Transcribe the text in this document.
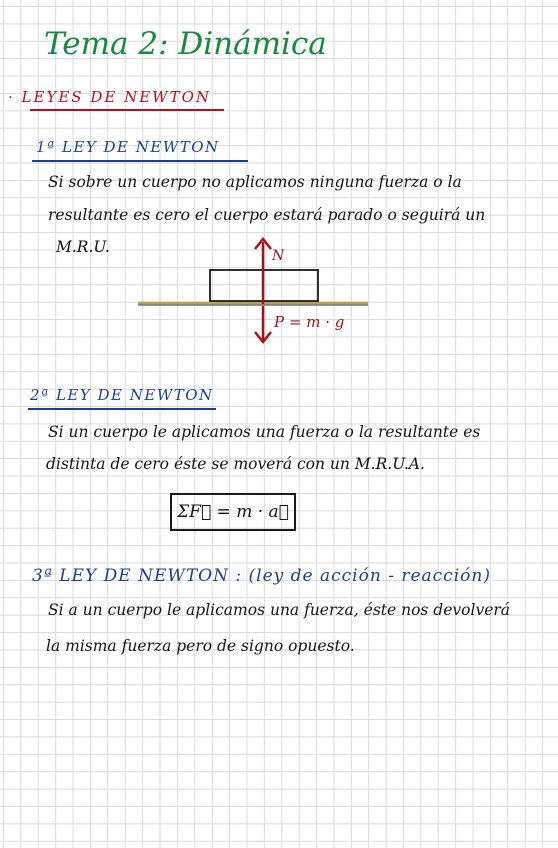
Tema 2: Dinámica
· LEYES DE NEWTON
1ª LEY DE NEWTON
Si sobre un cuerpo no aplicamos ninguna fuerza o la
resultante es cero el cuerpo estará parado o seguirá un
M.R.U.	N
P = m · g
2ª LEY DE NEWTON
Si un cuerpo le aplicamos una fuerza o la resultante es
distinta de cero éste se moverá con un M.R.U.A.
ΣF⃗ = m · a⃗
3ª LEY DE NEWTON : (ley de acción - reacción)
Si a un cuerpo le aplicamos una fuerza, éste nos devolverá
la misma fuerza pero de signo opuesto.
